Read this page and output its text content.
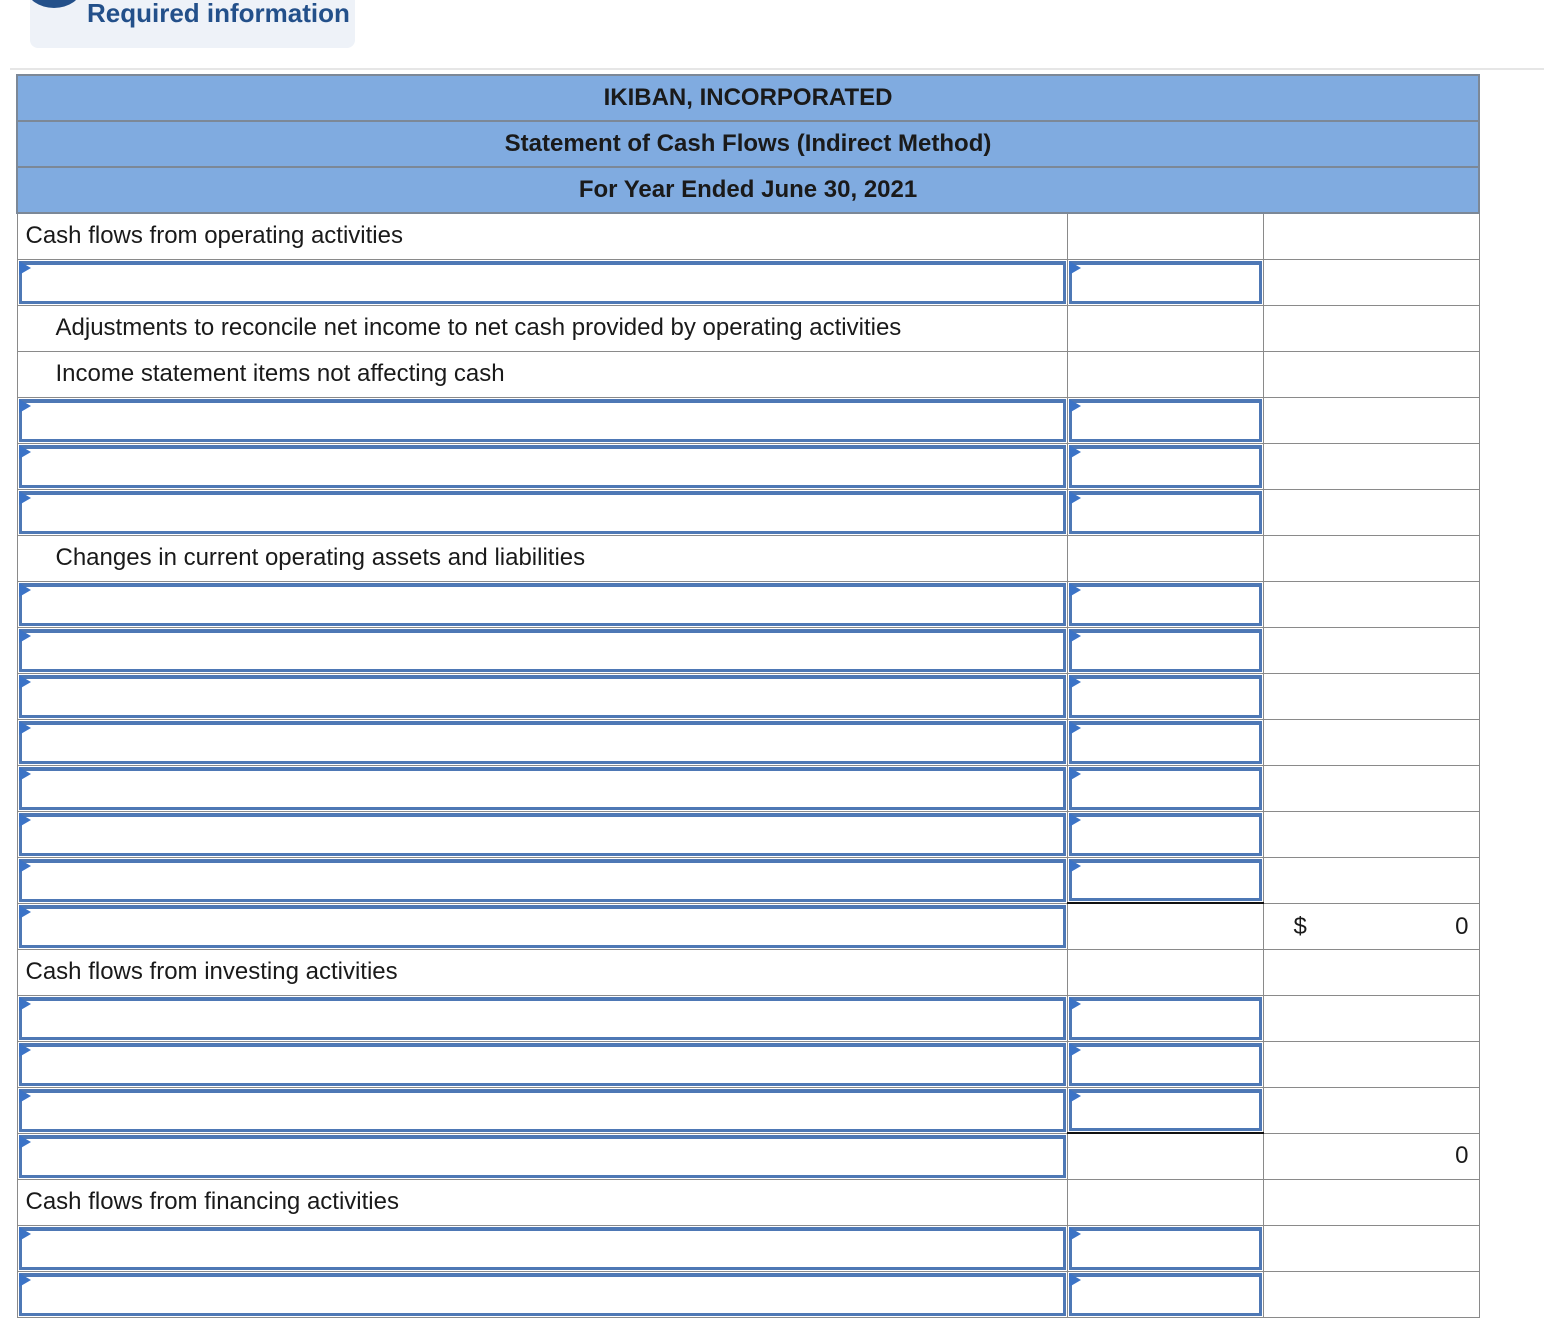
Required information
IKIBAN, INCORPORATED		
Statement of Cash Flows (Indirect Method)		
For Year Ended June 30, 2021		
Cash flows from operating activities		

Adjustments to reconcile net income to net cash provided by operating activities		
Income statement items not affecting cash		

Changes in current operating assets and liabilities		

		$ 0

Cash flows from investing activities		

		0
Cash flows from financing activities		
